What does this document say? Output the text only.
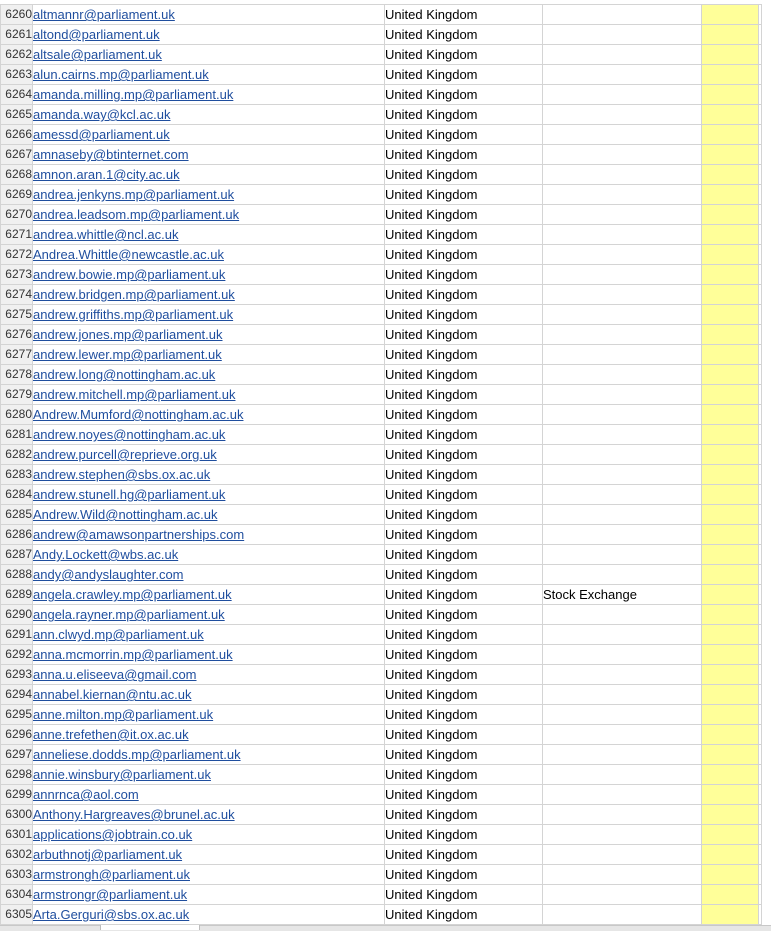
6260	altmannr@parliament.uk	United Kingdom			
6261	altond@parliament.uk	United Kingdom			
6262	altsale@parliament.uk	United Kingdom			
6263	alun.cairns.mp@parliament.uk	United Kingdom			
6264	amanda.milling.mp@parliament.uk	United Kingdom			
6265	amanda.way@kcl.ac.uk	United Kingdom			
6266	amessd@parliament.uk	United Kingdom			
6267	amnaseby@btinternet.com	United Kingdom			
6268	amnon.aran.1@city.ac.uk	United Kingdom			
6269	andrea.jenkyns.mp@parliament.uk	United Kingdom			
6270	andrea.leadsom.mp@parliament.uk	United Kingdom			
6271	andrea.whittle@ncl.ac.uk	United Kingdom			
6272	Andrea.Whittle@newcastle.ac.uk	United Kingdom			
6273	andrew.bowie.mp@parliament.uk	United Kingdom			
6274	andrew.bridgen.mp@parliament.uk	United Kingdom			
6275	andrew.griffiths.mp@parliament.uk	United Kingdom			
6276	andrew.jones.mp@parliament.uk	United Kingdom			
6277	andrew.lewer.mp@parliament.uk	United Kingdom			
6278	andrew.long@nottingham.ac.uk	United Kingdom			
6279	andrew.mitchell.mp@parliament.uk	United Kingdom			
6280	Andrew.Mumford@nottingham.ac.uk	United Kingdom			
6281	andrew.noyes@nottingham.ac.uk	United Kingdom			
6282	andrew.purcell@reprieve.org.uk	United Kingdom			
6283	andrew.stephen@sbs.ox.ac.uk	United Kingdom			
6284	andrew.stunell.hg@parliament.uk	United Kingdom			
6285	Andrew.Wild@nottingham.ac.uk	United Kingdom			
6286	andrew@amawsonpartnerships.com	United Kingdom			
6287	Andy.Lockett@wbs.ac.uk	United Kingdom			
6288	andy@andyslaughter.com	United Kingdom			
6289	angela.crawley.mp@parliament.uk	United Kingdom	Stock Exchange		
6290	angela.rayner.mp@parliament.uk	United Kingdom			
6291	ann.clwyd.mp@parliament.uk	United Kingdom			
6292	anna.mcmorrin.mp@parliament.uk	United Kingdom			
6293	anna.u.eliseeva@gmail.com	United Kingdom			
6294	annabel.kiernan@ntu.ac.uk	United Kingdom			
6295	anne.milton.mp@parliament.uk	United Kingdom			
6296	anne.trefethen@it.ox.ac.uk	United Kingdom			
6297	anneliese.dodds.mp@parliament.uk	United Kingdom			
6298	annie.winsbury@parliament.uk	United Kingdom			
6299	annrnca@aol.com	United Kingdom			
6300	Anthony.Hargreaves@brunel.ac.uk	United Kingdom			
6301	applications@jobtrain.co.uk	United Kingdom			
6302	arbuthnotj@parliament.uk	United Kingdom			
6303	armstrongh@parliament.uk	United Kingdom			
6304	armstrongr@parliament.uk	United Kingdom			
6305	Arta.Gerguri@sbs.ox.ac.uk	United Kingdom			
